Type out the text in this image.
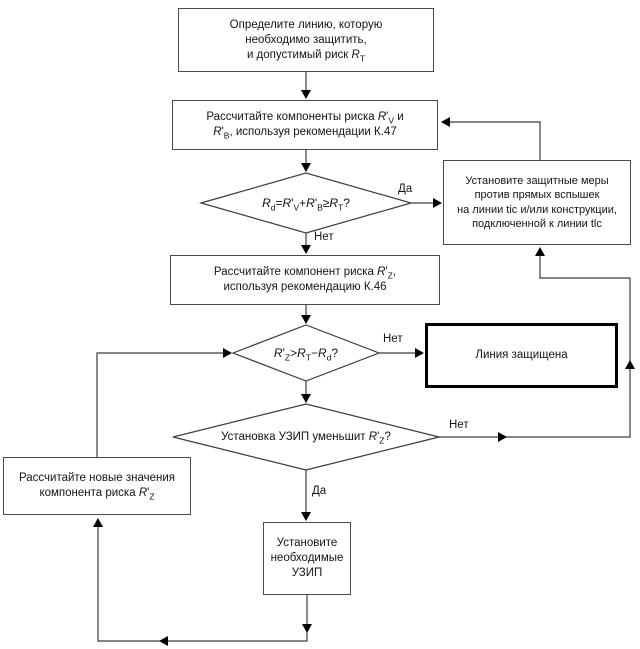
Определите линию, которую
необходимо защитить,
и допустимый риск $R_T$
Рассчитайте компоненты риска $R'_V$ и
$R'_B$, используя рекомендации К.47
Рассчитайте компонент риска $R'_Z$,
используя рекомендацию К.46
Установите защитные меры
против прямых вспышек
на линии tic и/или конструкции,
подключенной к линии tlc
Линия защищена
Рассчитайте новые значения
компонента риска $R'_Z$
Установите
необходимые
УЗИП
$R_d=R'_V+R'_B\ge R_T$?
$R'_Z>R_T-R_d$?
Установка УЗИП уменьшит $R'_Z$?
Да
Нет
Нет
Нет
Да
